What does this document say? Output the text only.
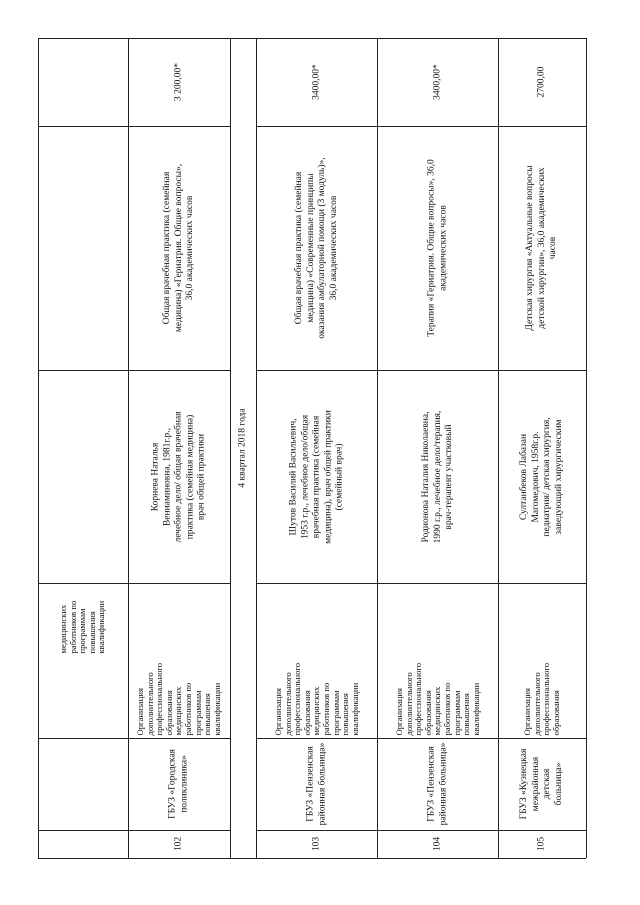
медицинских
работников по
программам
повышения
квалификации
3 200,00*
Общая врачебная практика (семейная
медицина) «Гериатрия. Общие вопросы»,
36,0 академических часов
Корнева Наталья
Вениаминовна, 1981г.р.,
лечебное дело/ общая врачебная
практика (семейная медицина)
врач общей практики
Организация
дополнительного
профессионального
образования
медицинских
работников по
программам
повышения
квалификации
ГБУЗ «Городская
поликлиника»
102
3400,00*
Общая врачебная практика (семейная
медицина) «Современные принципы
оказания амбулаторной помощи (3 модуль)»,
36,0 академических часов
Шутов Василий Васильевич,
1953 г.р., лечебное дело/общая
врачебная практика (семейная
медицина), врач общей практики
(семейный врач)
Организация
дополнительного
профессионального
образования
медицинских
работников по
программам
повышения
квалификации
ГБУЗ «Пензенская
районная больница»
103
3400,00*
Терапия «Гериатрия. Общие вопросы», 36,0
академических часов
Родионова Наталия Николаевна,
1990 г.р., лечебное дело/терапия,
врач-терапевт участковый
Организация
дополнительного
профессионального
образования
медицинских
работников по
программам
повышения
квалификации
ГБУЗ «Пензенская
районная больница»
104
2700,00
Детская хирургия «Актуальные вопросы
детской хирургии», 36,0 академических
часов
Султанбеков Лабазан
Магомедович, 1958г.р.
педиатрия/ детская хирургия,
заведующий хирургическим
Организация
дополнительного
профессионального
образования
ГБУЗ «Кузнецкая
межрайонная детская
больница»
105
4 квартал 2018 года
